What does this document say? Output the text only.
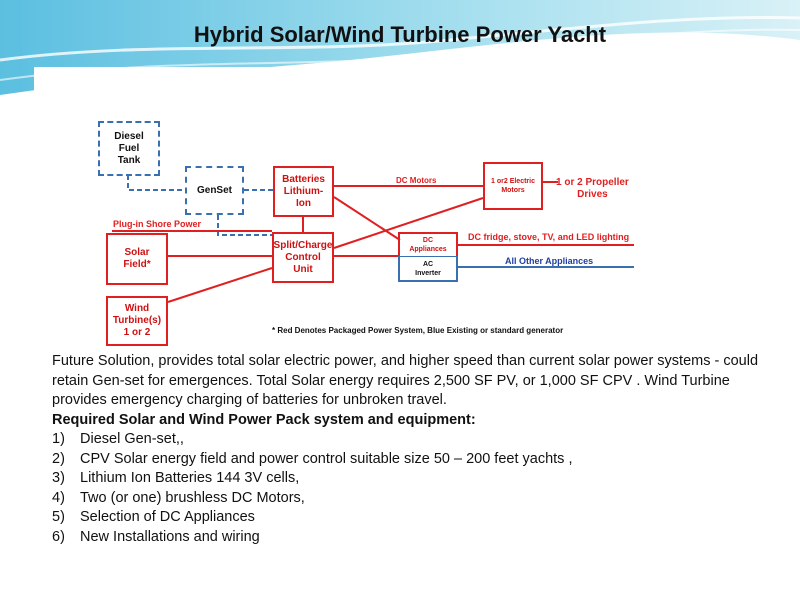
Hybrid Solar/Wind Turbine Power Yacht
Diesel
Fuel
Tank
GenSet
Batteries
Lithium-
Ion
Split/Charge
Control
Unit
Solar
Field*
Wind
Turbine(s)
1 or 2
DC
Appliances
AC
Inverter
1 or2 Electric
Motors
DC Motors	1 or 2 Propeller
Drives
Plug-in Shore Power
DC fridge, stove, TV, and LED lighting
All Other Appliances
* Red Denotes Packaged Power System, Blue Existing or standard generator

Future Solution, provides total solar electric power, and higher speed than current solar power systems - could retain Gen-set for emergences. Total Solar energy requires 2,500 SF PV, or 1,000 SF CPV . Wind Turbine provides emergency charging of batteries for unbroken travel.

Required Solar and Wind Power Pack system and equipment:

1)	Diesel Gen-set,,
2)	CPV Solar energy field and power control suitable size 50 – 200 feet yachts ,
3)	Lithium Ion Batteries 144 3V cells,
4)	Two (or one) brushless DC Motors,
5)	Selection of DC Appliances
6)	New Installations and wiring
